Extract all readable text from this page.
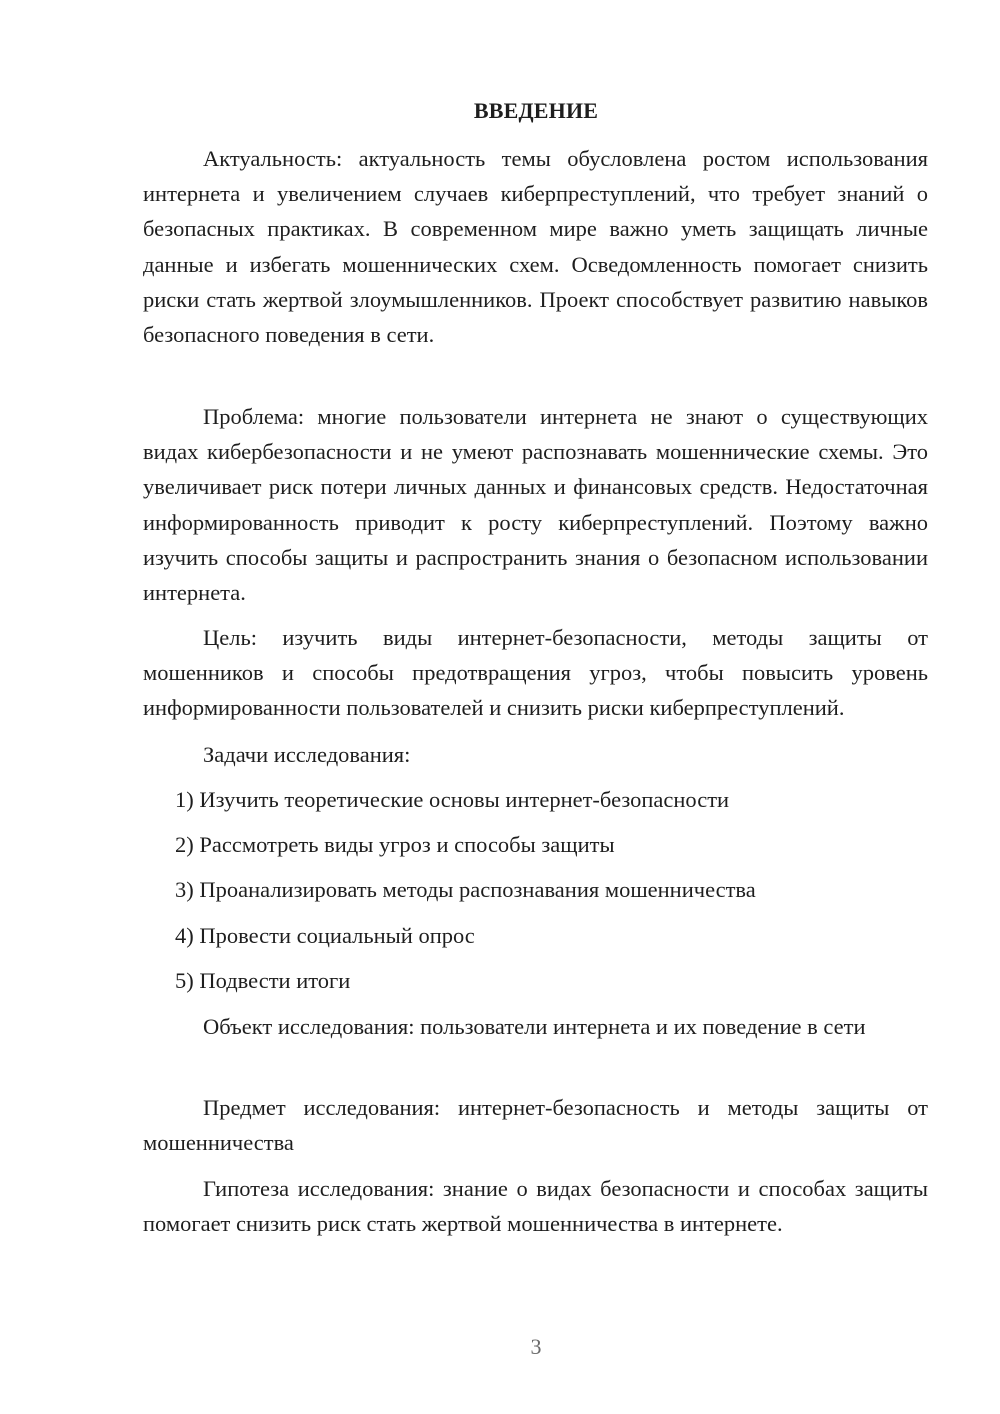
ВВЕДЕНИЕ

Актуальность: актуальность темы обусловлена ростом использования интернета и увеличением случаев киберпреступлений, что требует знаний о безопасных практиках. В современном мире важно уметь защищать личные данные и избегать мошеннических схем. Осведомленность помогает снизить риски стать жертвой злоумышленников. Проект способствует развитию навыков безопасного поведения в сети.

Проблема: многие пользователи интернета не знают о существующих видах кибербезопасности и не умеют распознавать мошеннические схемы. Это увеличивает риск потери личных данных и финансовых средств. Недостаточная информированность приводит к росту киберпреступлений. Поэтому важно изучить способы защиты и распространить знания о безопасном использовании интернета.

Цель: изучить виды интернет-безопасности, методы защиты от мошенников и способы предотвращения угроз, чтобы повысить уровень информированности пользователей и снизить риски киберпреступлений.

Задачи исследования:
1) Изучить теоретические основы интернет-безопасности
2) Рассмотреть виды угроз и способы защиты
3) Проанализировать методы распознавания мошенничества
4) Провести социальный опрос
5) Подвести итоги

Объект исследования: пользователи интернета и их поведение в сети

Предмет исследования: интернет-безопасность и методы защиты от мошенничества

Гипотеза исследования: знание о видах безопасности и способах защиты помогает снизить риск стать жертвой мошенничества в интернете.

3
